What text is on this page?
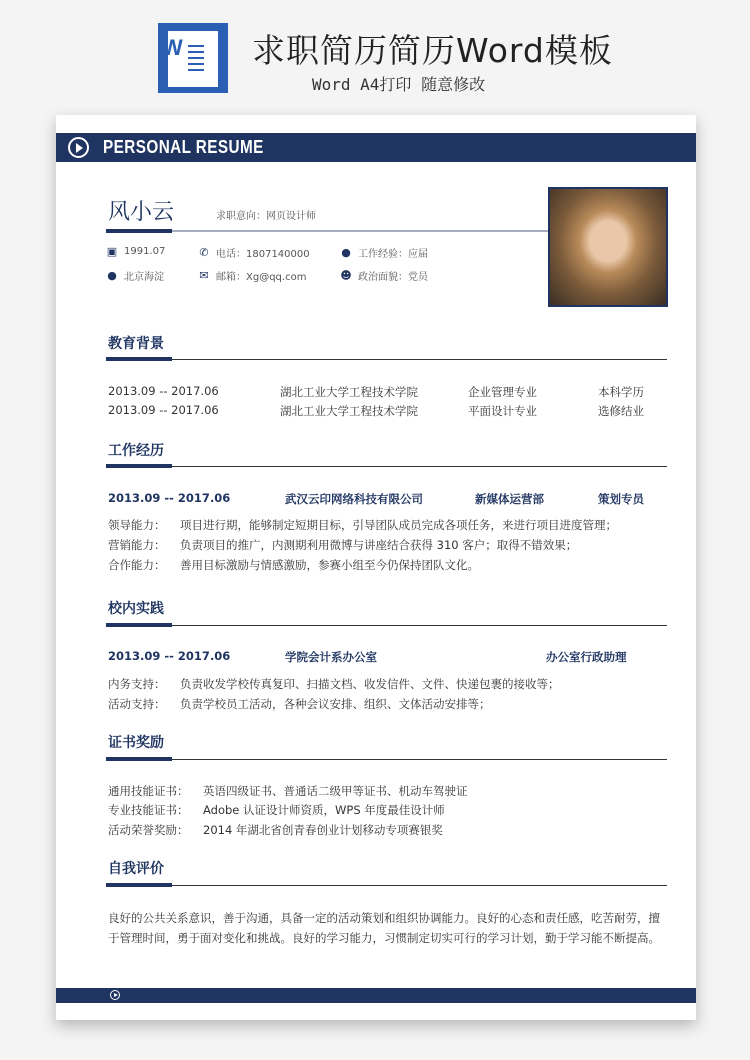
W 求职简历简历Word模板
Word A4打印 随意修改
PERSONAL RESUME
风小云	求职意向：网页设计师
▣ 1991.07
● 北京海淀
✆ 电话：1807140000
✉ 邮箱：Xg@qq.com
● 工作经验：应届
☻ 政治面貌：党员
教育背景
2013.09 -- 2017.06	湖北工业大学工程技术学院	企业管理专业	本科学历
2013.09 -- 2017.06	湖北工业大学工程技术学院	平面设计专业	选修结业
工作经历
2013.09 -- 2017.06	武汉云印网络科技有限公司	新媒体运营部	策划专员
领导能力： 项目进行期，能够制定短期目标，引导团队成员完成各项任务，来进行项目进度管理；
营销能力： 负责项目的推广，内测期利用微博与讲座结合获得 310 客户；取得不错效果；
合作能力： 善用目标激励与情感激励，参赛小组至今仍保持团队文化。
校内实践
2013.09 -- 2017.06	学院会计系办公室	办公室行政助理
内务支持： 负责收发学校传真复印、扫描文档、收发信件、文件、快递包裹的接收等；
活动支持： 负责学校员工活动，各种会议安排、组织、文体活动安排等；
证书奖励
通用技能证书： 英语四级证书、普通话二级甲等证书、机动车驾驶证
专业技能证书： Adobe 认证设计师资质，WPS 年度最佳设计师
活动荣誉奖励： 2014 年湖北省创青春创业计划移动专项赛银奖
自我评价
良好的公共关系意识，善于沟通，具备一定的活动策划和组织协调能力。良好的心态和责任感，吃苦耐劳，擅于管理时间，勇于面对变化和挑战。良好的学习能力，习惯制定切实可行的学习计划，勤于学习能不断提高。
